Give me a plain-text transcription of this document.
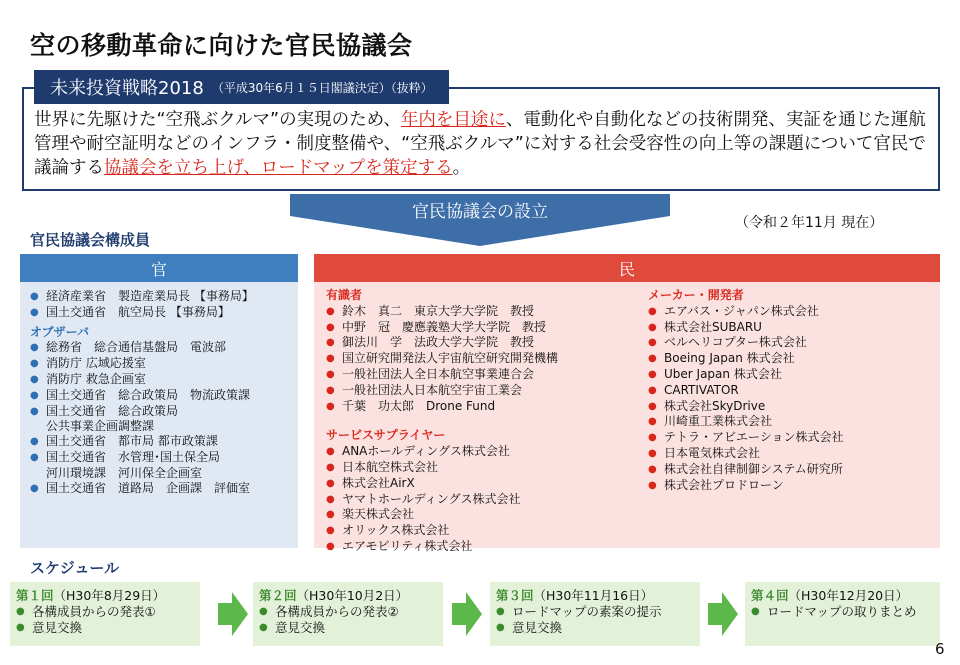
空の移動革命に向けた官民協議会
未来投資戦略2018 （平成30年6月１５日閣議決定）（抜粋）
世界に先駆けた“空飛ぶクルマ”の実現のため、年内を目途に、電動化や自動化などの技術開発、実証を通じた運航管理や耐空証明などのインフラ・制度整備や、“空飛ぶクルマ”に対する社会受容性の向上等の課題について官民で議論する協議会を立ち上げ、ロードマップを策定する。
官民協議会の設立
（令和２年11月 現在）
官民協議会構成員
官
● 経済産業省　製造産業局長 【事務局】
● 国土交通省　航空局長 【事務局】
オブザーバ
● 総務省　総合通信基盤局　電波部
● 消防庁 広域応援室
● 消防庁 救急企画室
● 国土交通省　総合政策局　物流政策課
● 国土交通省　総合政策局
公共事業企画調整課
● 国土交通省　都市局 都市政策課
● 国土交通省　水管理･国土保全局
河川環境課　河川保全企画室
● 国土交通省　道路局　企画課　評価室
民
有識者
● 鈴木　真二　東京大学大学院　教授
● 中野　冠　慶應義塾大学大学院　教授
● 御法川　学　法政大学大学院　教授
● 国立研究開発法人宇宙航空研究開発機構
● 一般社団法人全日本航空事業連合会
● 一般社団法人日本航空宇宙工業会
● 千葉　功太郎　Drone Fund
サービスサプライヤー
● ANAホールディングス株式会社
● 日本航空株式会社
● 株式会社AirX
● ヤマトホールディングス株式会社
● 楽天株式会社
● オリックス株式会社
● エアモビリティ株式会社
メーカー・開発者
● エアバス・ジャパン株式会社
● 株式会社SUBARU
● ベルヘリコプター株式会社
● Boeing Japan 株式会社
● Uber Japan 株式会社
● CARTIVATOR
● 株式会社SkyDrive
● 川崎重工業株式会社
● テトラ・アビエーション株式会社
● 日本電気株式会社
● 株式会社自律制御システム研究所
● 株式会社プロドローン
スケジュール
第１回（H30年8月29日）
● 各構成員からの発表①
● 意見交換
第２回（H30年10月2日）
● 各構成員からの発表②
● 意見交換
第３回（H30年11月16日）
● ロードマップの素案の提示
● 意見交換
第４回（H30年12月20日）
● ロードマップの取りまとめ
6
